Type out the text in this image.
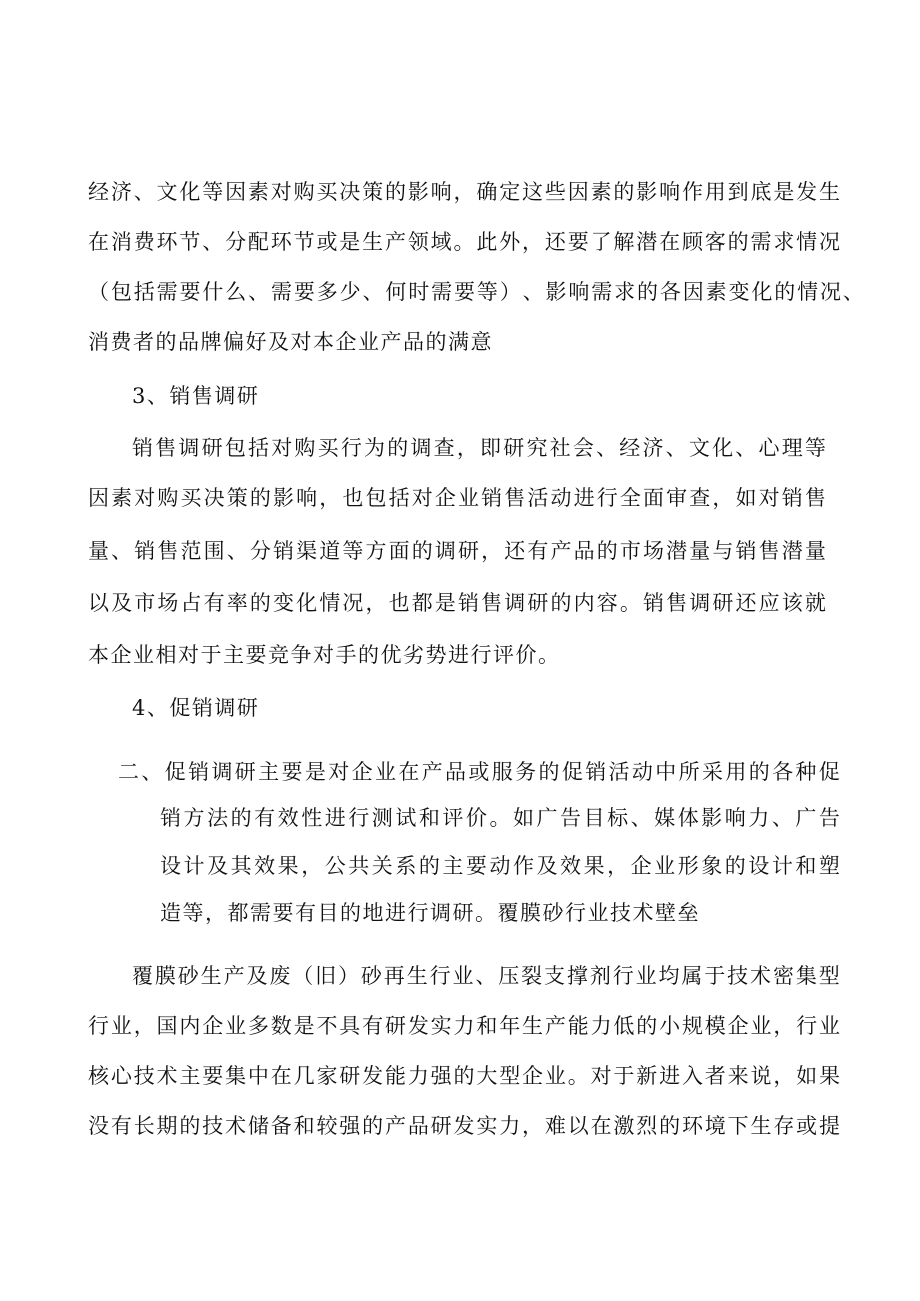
经 济 、 文 化 等 因 素 对 购 买 决 策 的 影 响 ， 确 定 这 些 因 素 的 影 响 作 用 到 底 是 发 生
在 消 费 环 节 、 分 配 环 节 或 是 生 产 领 域 。 此 外 ， 还 要 了 解 潜 在 顾 客 的 需 求 情 况
（ 包 括 需 要 什 么 、 需 要 多 少 、 何 时 需 要 等 ） 、 影 响 需 求 的 各 因 素 变 化 的 情 况 、
消费者的品牌偏好及对本企业产品的满意
3、销售调研
销 售 调 研 包 括 对 购 买 行 为 的 调 查 ， 即 研 究 社 会 、 经 济 、 文 化 、 心 理 等
因 素 对 购 买 决 策 的 影 响 ， 也 包 括 对 企 业 销 售 活 动 进 行 全 面 审 查 ， 如 对 销 售
量 、 销 售 范 围 、 分 销 渠 道 等 方 面 的 调 研 ， 还 有 产 品 的 市 场 潜 量 与 销 售 潜 量
以 及 市 场 占 有 率 的 变 化 情 况 ， 也 都 是 销 售 调 研 的 内 容 。 销 售 调 研 还 应 该 就
本企业相对于主要竞争对手的优劣势进行评价。
4、促销调研
二 、 促 销 调 研 主 要 是 对 企 业 在 产 品 或 服 务 的 促 销 活 动 中 所 采 用 的 各 种 促
销 方 法 的 有 效 性 进 行 测 试 和 评 价 。 如 广 告 目 标 、 媒 体 影 响 力 、 广 告
设 计 及 其 效 果 ， 公 共 关 系 的 主 要 动 作 及 效 果 ， 企 业 形 象 的 设 计 和 塑
造等，都需要有目的地进行调研。覆膜砂行业技术壁垒
覆 膜 砂 生 产 及 废 （ 旧 ） 砂 再 生 行 业 、 压 裂 支 撑 剂 行 业 均 属 于 技 术 密 集 型
行 业 ， 国 内 企 业 多 数 是 不 具 有 研 发 实 力 和 年 生 产 能 力 低 的 小 规 模 企 业 ， 行 业
核 心 技 术 主 要 集 中 在 几 家 研 发 能 力 强 的 大 型 企 业 。 对 于 新 进 入 者 来 说 ， 如 果
没 有 长 期 的 技 术 储 备 和 较 强 的 产 品 研 发 实 力 ， 难 以 在 激 烈 的 环 境 下 生 存 或 提
